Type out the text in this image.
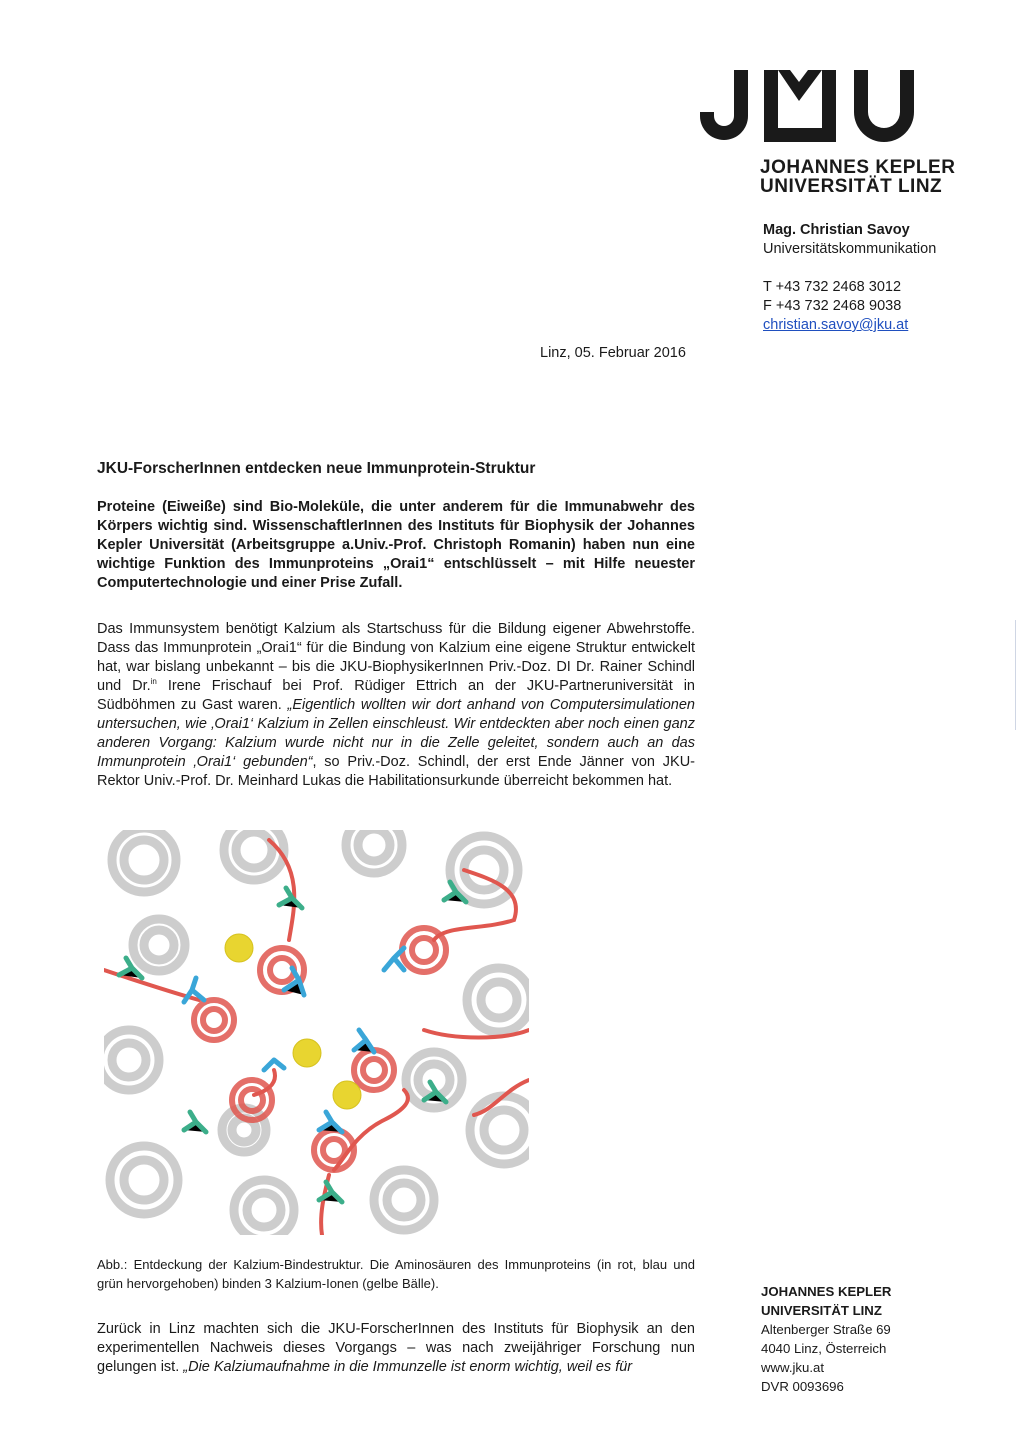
JOHANNES KEPLER
UNIVERSITÄT LINZ
Mag. Christian Savoy
Universitätskommunikation
T +43 732 2468 3012
F +43 732 2468 9038
christian.savoy@jku.at
Linz, 05. Februar 2016
JKU-ForscherInnen entdecken neue Immunprotein-Struktur
Proteine (Eiweiße) sind Bio-Moleküle, die unter anderem für die Immunabwehr des Körpers wichtig sind. WissenschaftlerInnen des Instituts für Biophysik der Johannes Kepler Universität (Arbeitsgruppe a.Univ.-Prof. Christoph Romanin) haben nun eine wichtige Funktion des Immunproteins „Orai1“ entschlüsselt – mit Hilfe neuester Computertechnologie und einer Prise Zufall.
Das Immunsystem benötigt Kalzium als Startschuss für die Bildung eigener Abwehrstoffe. Dass das Immunprotein „Orai1“ für die Bindung von Kalzium eine eigene Struktur entwickelt hat, war bislang unbekannt – bis die JKU-BiophysikerInnen Priv.-Doz. DI Dr. Rainer Schindl und Dr.$^{in}$ Irene Frischauf bei Prof. Rüdiger Ettrich an der JKU-Partneruniversität in Südböhmen zu Gast waren. „Eigentlich wollten wir dort anhand von Computersimulationen untersuchen, wie ‚Orai1‘ Kalzium in Zellen einschleust. Wir entdeckten aber noch einen ganz anderen Vorgang: Kalzium wurde nicht nur in die Zelle geleitet, sondern auch an das Immunprotein ‚Orai1‘ gebunden“, so Priv.-Doz. Schindl, der erst Ende Jänner von JKU-Rektor Univ.-Prof. Dr. Meinhard Lukas die Habilitationsurkunde überreicht bekommen hat.
Abb.: Entdeckung der Kalzium-Bindestruktur. Die Aminosäuren des Immunproteins (in rot, blau und grün hervorgehoben) binden 3 Kalzium-Ionen (gelbe Bälle).
Zurück in Linz machten sich die JKU-ForscherInnen des Instituts für Biophysik an den experimentellen Nachweis dieses Vorgangs – was nach zweijähriger Forschung nun gelungen ist. „Die Kalziumaufnahme in die Immunzelle ist enorm wichtig, weil es für
JOHANNES KEPLER
UNIVERSITÄT LINZ
Altenberger Straße 69
4040 Linz, Österreich
www.jku.at
DVR 0093696
